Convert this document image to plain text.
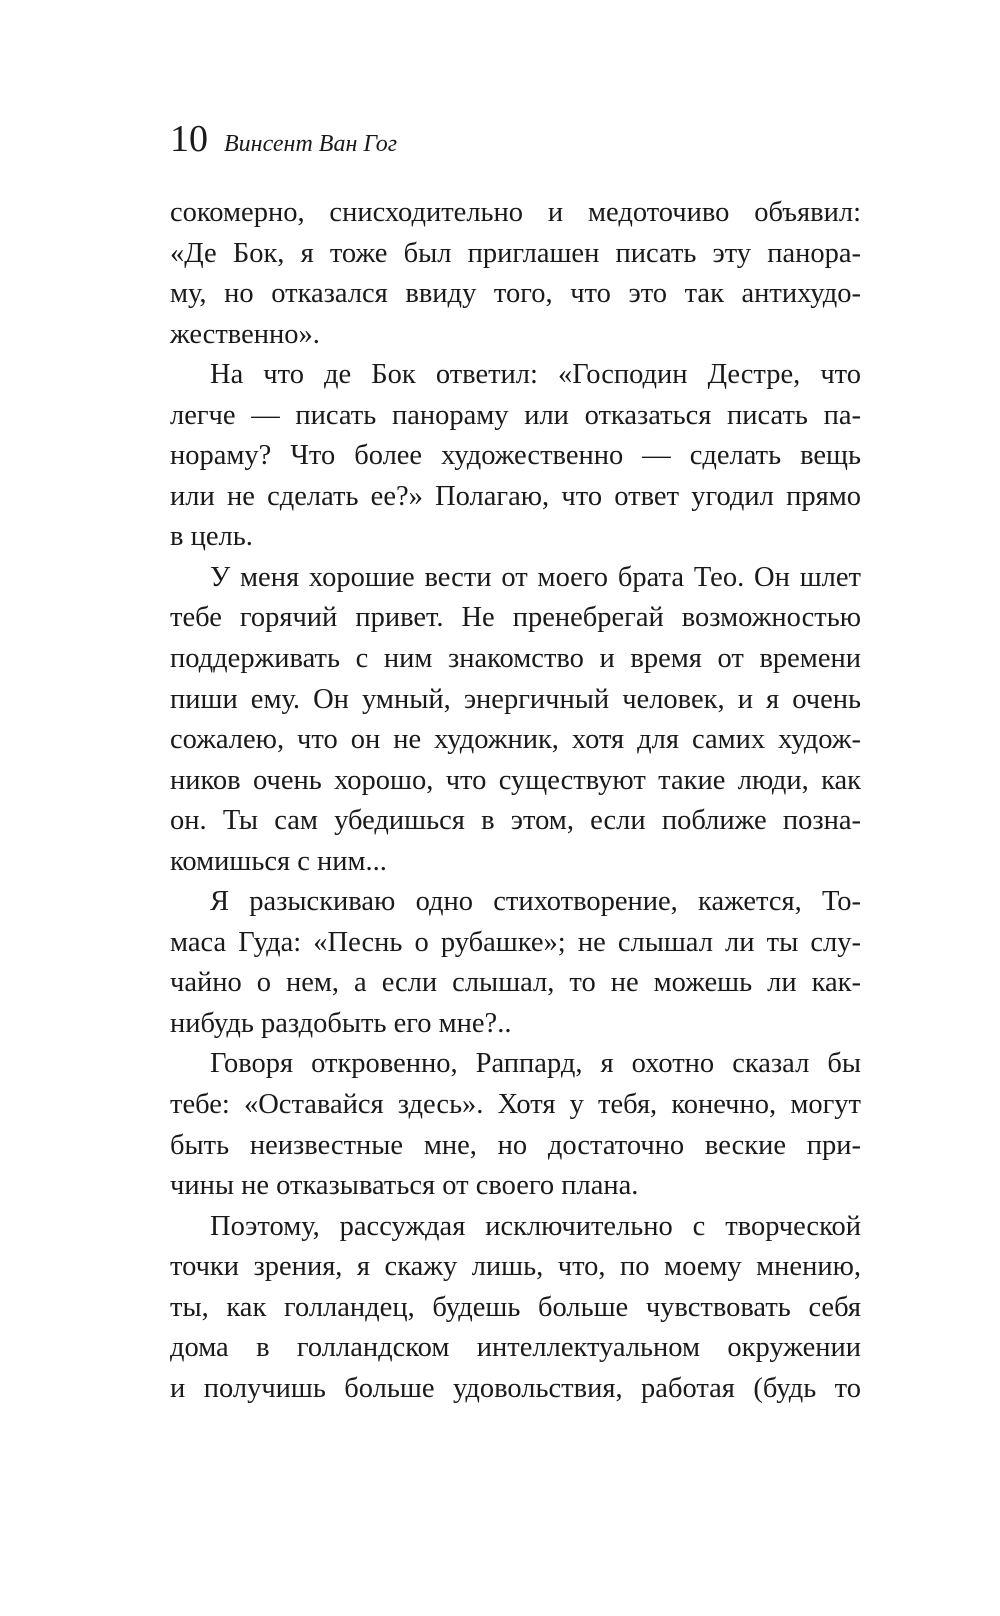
10 Винсент Ван Гог
сокомерно, снисходительно и медоточиво объявил:
«Де Бок, я тоже был приглашен писать эту панора-
му, но отказался ввиду того, что это так антихудо-
жественно».
На что де Бок ответил: «Господин Дестре, что
легче — писать панораму или отказаться писать па-
нораму? Что более художественно — сделать вещь
или не сделать ее?» Полагаю, что ответ угодил прямо
в цель.
У меня хорошие вести от моего брата Тео. Он шлет
тебе горячий привет. Не пренебрегай возможностью
поддерживать с ним знакомство и время от времени
пиши ему. Он умный, энергичный человек, и я очень
сожалею, что он не художник, хотя для самих худож-
ников очень хорошо, что существуют такие люди, как
он. Ты сам убедишься в этом, если поближе позна-
комишься с ним...
Я разыскиваю одно стихотворение, кажется, То-
маса Гуда: «Песнь о рубашке»; не слышал ли ты слу-
чайно о нем, а если слышал, то не можешь ли как-
нибудь раздобыть его мне?..
Говоря откровенно, Раппард, я охотно сказал бы
тебе: «Оставайся здесь». Хотя у тебя, конечно, могут
быть неизвестные мне, но достаточно веские при-
чины не отказываться от своего плана.
Поэтому, рассуждая исключительно с творческой
точки зрения, я скажу лишь, что, по моему мнению,
ты, как голландец, будешь больше чувствовать себя
дома в голландском интеллектуальном окружении
и получишь больше удовольствия, работая (будь то
